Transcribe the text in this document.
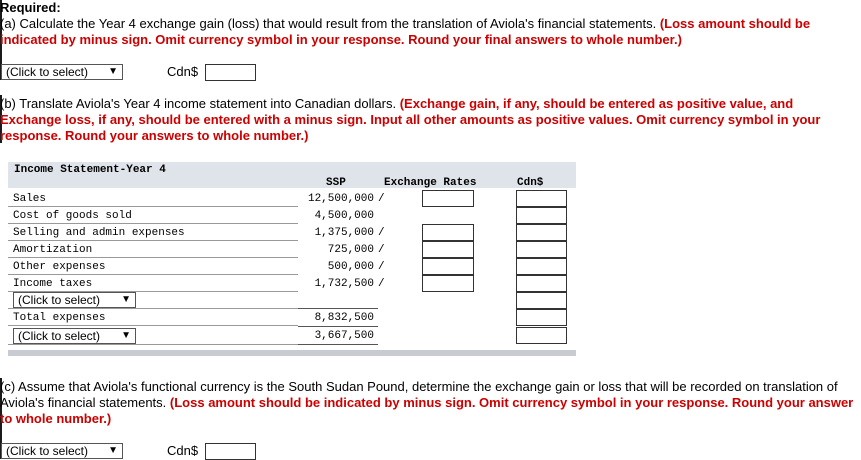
Required:
(a) Calculate the Year 4 exchange gain (loss) that would result from the translation of Aviola's financial statements. (Loss amount should be indicated by minus sign. Omit currency symbol in your response. Round your final answers to whole number.)
(Click to select) ▼	Cdn$
(b) Translate Aviola's Year 4 income statement into Canadian dollars. (Exchange gain, if any, should be entered as positive value, and Exchange loss, if any, should be entered with a minus sign. Input all other amounts as positive values. Omit currency symbol in your response. Round your answers to whole number.)
Income Statement-Year 4
SSP	Exchange Rates	Cdn$
Sales	12,500,000 /
Cost of goods sold	4,500,000
Selling and admin expenses	1,375,000 /
Amortization	725,000 /
Other expenses	500,000 /
Income taxes	1,732,500 /
(Click to select) ▼
Total expenses	8,832,500
(Click to select) ▼	3,667,500
(c) Assume that Aviola's functional currency is the South Sudan Pound, determine the exchange gain or loss that will be recorded on translation of Aviola's financial statements. (Loss amount should be indicated by minus sign. Omit currency symbol in your response. Round your answer to whole number.)
(Click to select) ▼	Cdn$
